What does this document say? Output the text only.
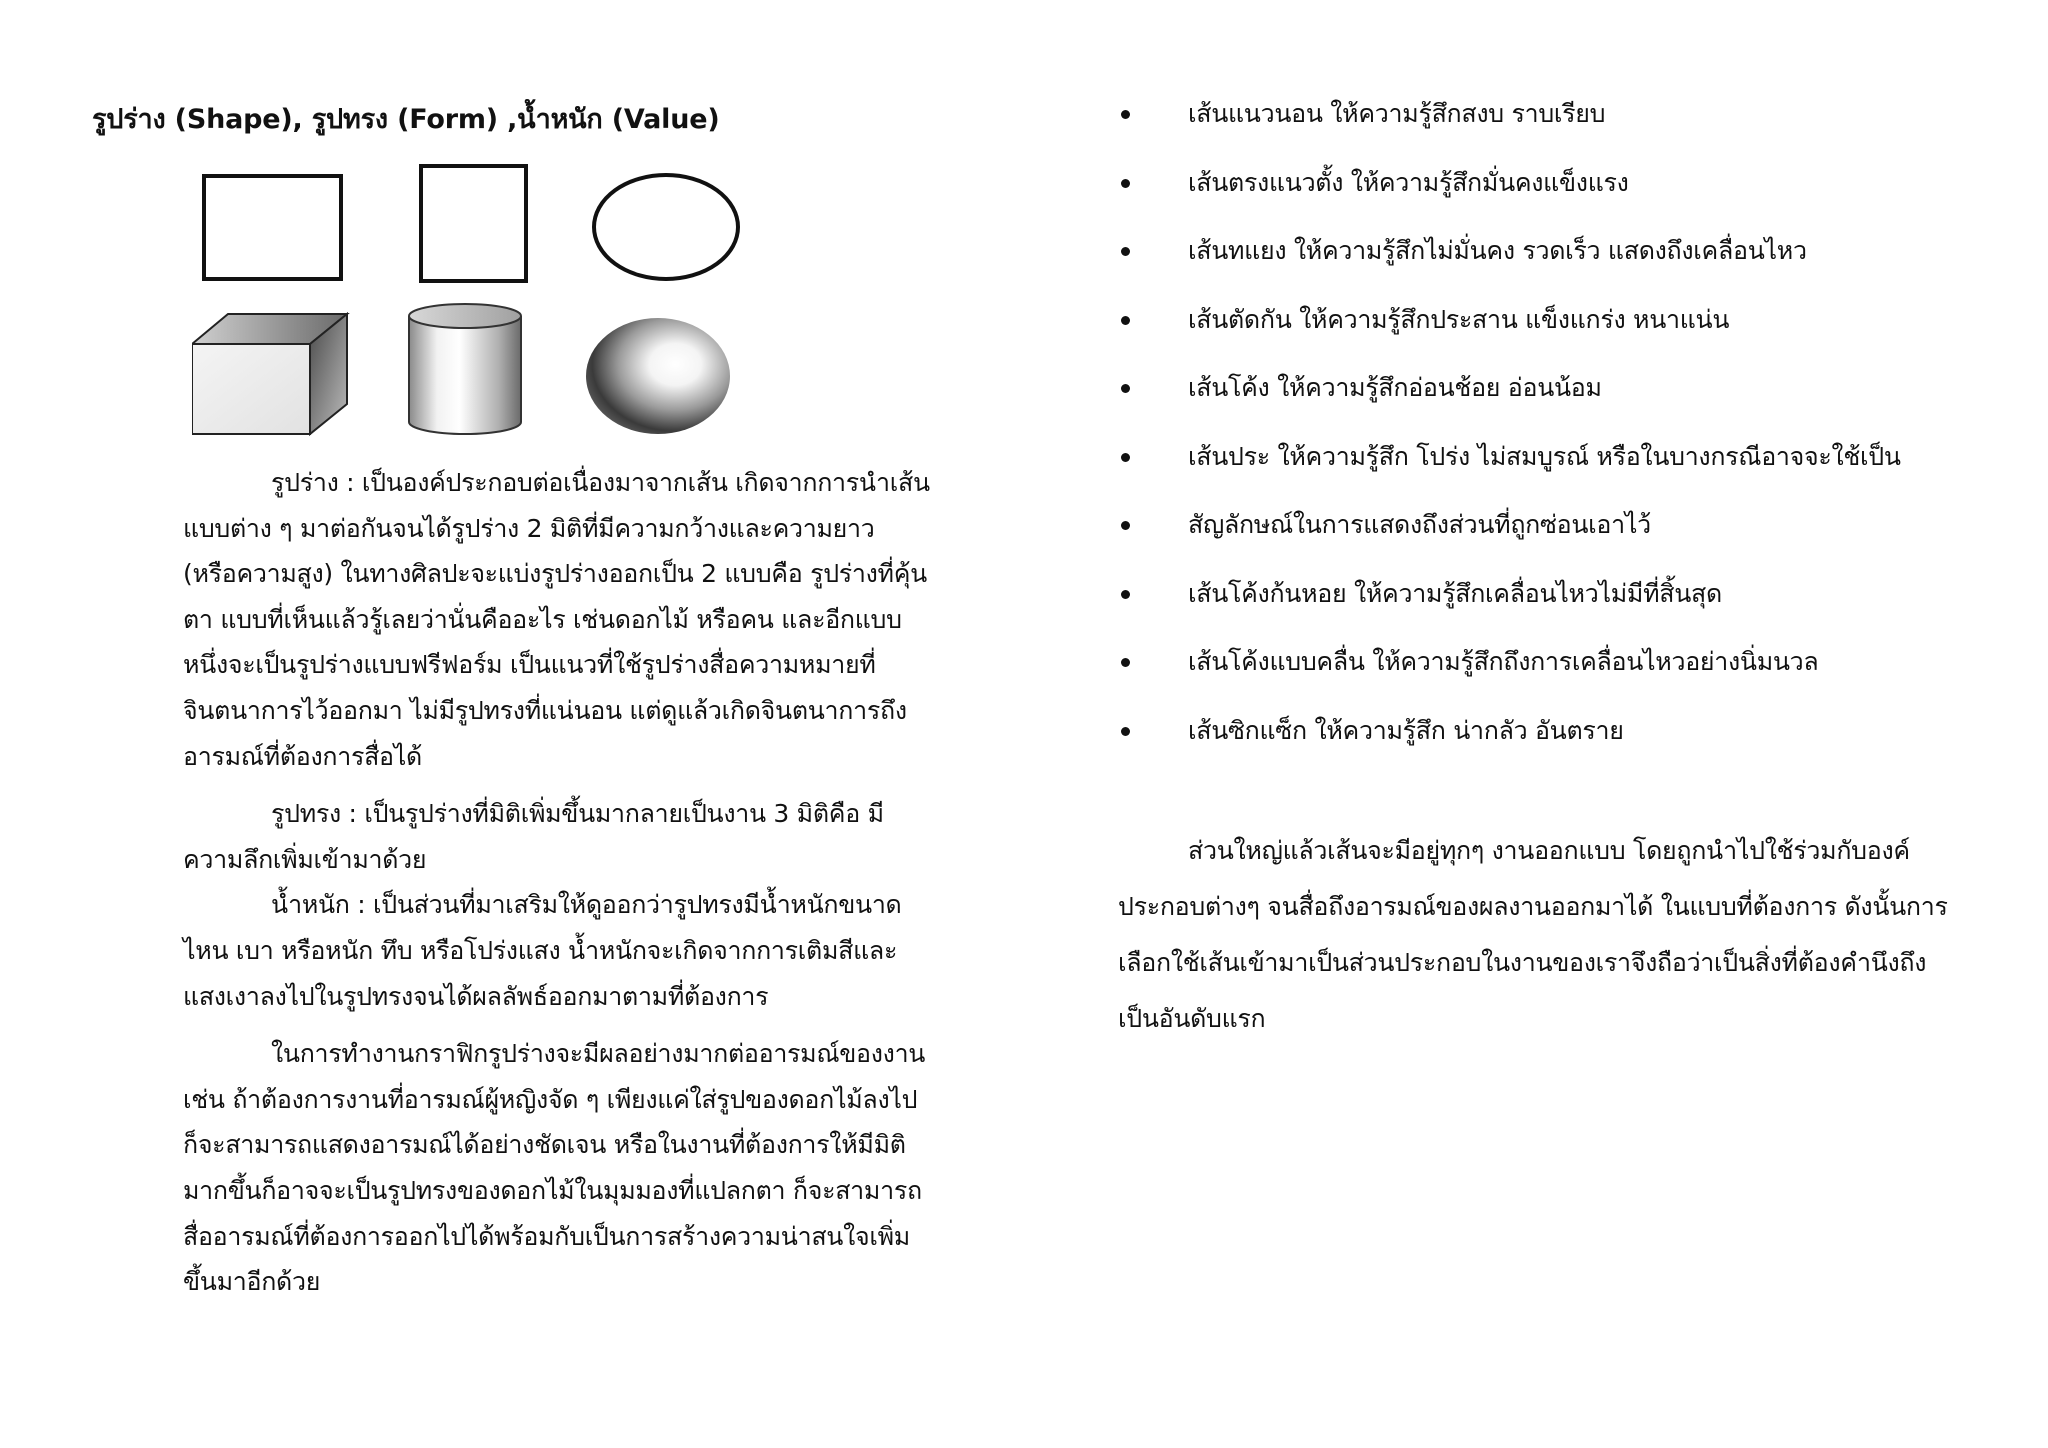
รูปร่าง (Shape), รูปทรง (Form) ,น้ำหนัก (Value)

รูปร่าง : เป็นองค์ประกอบต่อเนื่องมาจากเส้น เกิดจากการนำเส้นแบบต่าง ๆ มาต่อกันจนได้รูปร่าง 2 มิติที่มีความกว้างและความยาว (หรือความสูง) ในทางศิลปะจะแบ่งรูปร่างออกเป็น 2 แบบคือ รูปร่างที่คุ้นตา แบบที่เห็นแล้วรู้เลยว่านั่นคืออะไร เช่นดอกไม้ หรือคน และอีกแบบหนึ่งจะเป็นรูปร่างแบบฟรีฟอร์ม เป็นแนวที่ใช้รูปร่างสื่อความหมายที่จินตนาการไว้ออกมา ไม่มีรูปทรงที่แน่นอน แต่ดูแล้วเกิดจินตนาการถึงอารมณ์ที่ต้องการสื่อได้

รูปทรง : เป็นรูปร่างที่มิติเพิ่มขึ้นมากลายเป็นงาน 3 มิติคือ มีความลึกเพิ่มเข้ามาด้วย

น้ำหนัก : เป็นส่วนที่มาเสริมให้ดูออกว่ารูปทรงมีน้ำหนักขนาดไหน เบา หรือหนัก ทึบ หรือโปร่งแสง น้ำหนักจะเกิดจากการเติมสีและแสงเงาลงไปในรูปทรงจนได้ผลลัพธ์ออกมาตามที่ต้องการ

ในการทำงานกราฟิกรูปร่างจะมีผลอย่างมากต่ออารมณ์ของงาน เช่น ถ้าต้องการงานที่อารมณ์ผู้หญิงจัด ๆ เพียงแค่ใส่รูปของดอกไม้ลงไปก็จะสามารถแสดงอารมณ์ได้อย่างชัดเจน หรือในงานที่ต้องการให้มีมิติมากขึ้นก็อาจจะเป็นรูปทรงของดอกไม้ในมุมมองที่แปลกตา ก็จะสามารถสื่ออารมณ์ที่ต้องการออกไปได้พร้อมกับเป็นการสร้างความน่าสนใจเพิ่มขึ้นมาอีกด้วย

เส้นแนวนอน ให้ความรู้สึกสงบ ราบเรียบ
เส้นตรงแนวตั้ง ให้ความรู้สึกมั่นคงแข็งแรง
เส้นทแยง ให้ความรู้สึกไม่มั่นคง รวดเร็ว แสดงถึงเคลื่อนไหว
เส้นตัดกัน ให้ความรู้สึกประสาน แข็งแกร่ง หนาแน่น
เส้นโค้ง ให้ความรู้สึกอ่อนช้อย อ่อนน้อม
เส้นประ ให้ความรู้สึก โปร่ง ไม่สมบูรณ์ หรือในบางกรณีอาจจะใช้เป็น
สัญลักษณ์ในการแสดงถึงส่วนที่ถูกซ่อนเอาไว้
เส้นโค้งก้นหอย ให้ความรู้สึกเคลื่อนไหวไม่มีที่สิ้นสุด
เส้นโค้งแบบคลื่น ให้ความรู้สึกถึงการเคลื่อนไหวอย่างนิ่มนวล
เส้นซิกแซ็ก ให้ความรู้สึก น่ากลัว อันตราย

ส่วนใหญ่แล้วเส้นจะมีอยู่ทุกๆ งานออกแบบ โดยถูกนำไปใช้ร่วมกับองค์ประกอบต่างๆ จนสื่อถึงอารมณ์ของผลงานออกมาได้ ในแบบที่ต้องการ ดังนั้นการเลือกใช้เส้นเข้ามาเป็นส่วนประกอบในงานของเราจึงถือว่าเป็นสิ่งที่ต้องคำนึงถึงเป็นอันดับแรก
